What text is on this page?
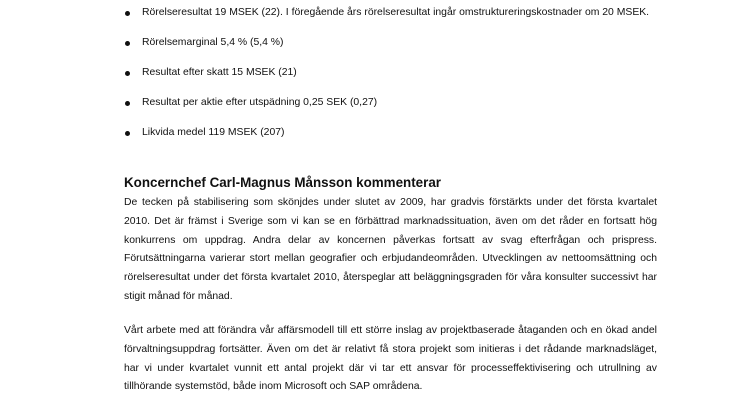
Rörelseresultat 19 MSEK (22). I föregående års rörelseresultat ingår omstruktureringskostnader om 20 MSEK.
Rörelsemarginal 5,4 % (5,4 %)
Resultat efter skatt 15 MSEK (21)
Resultat per aktie efter utspädning 0,25 SEK (0,27)
Likvida medel 119 MSEK (207)
Koncernchef Carl-Magnus Månsson kommenterar
De tecken på stabilisering som skönjdes under slutet av 2009, har gradvis förstärkts under det första kvartalet
2010. Det är främst i Sverige som vi kan se en förbättrad marknadssituation, även om det råder en fortsatt hög
konkurrens om uppdrag. Andra delar av koncernen påverkas fortsatt av svag efterfrågan och prispress.
Förutsättningarna varierar stort mellan geografier och erbjudandeområden. Utvecklingen av nettoomsättning och
rörelseresultat under det första kvartalet 2010, återspeglar att beläggningsgraden för våra konsulter successivt har
stigit månad för månad.
Vårt arbete med att förändra vår affärsmodell till ett större inslag av projektbaserade åtaganden och en ökad andel
förvaltningsuppdrag fortsätter. Även om det är relativt få stora projekt som initieras i det rådande marknadsläget,
har vi under kvartalet vunnit ett antal projekt där vi tar ett ansvar för processeffektivisering och utrullning av
tillhörande systemstöd, både inom Microsoft och SAP områdena.
